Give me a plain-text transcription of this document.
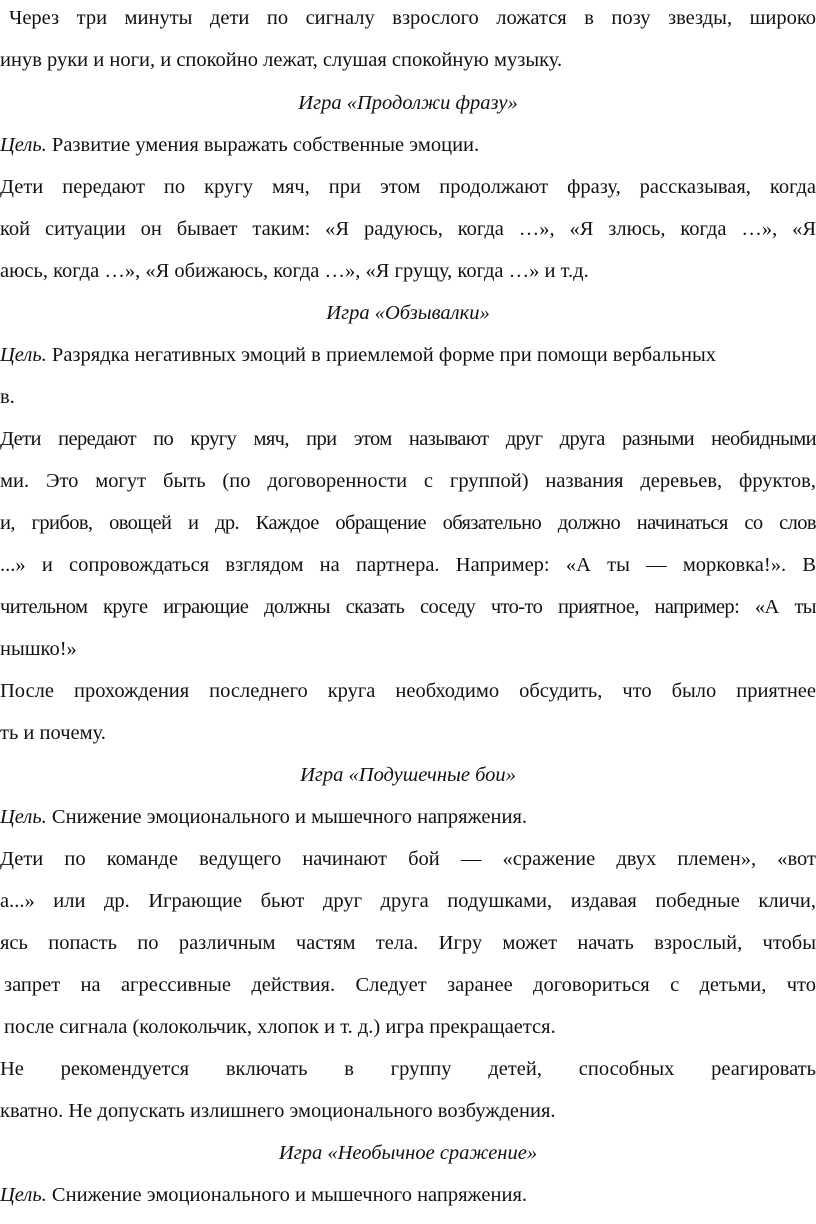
Через три минуты дети по сигналу взрослого ложатся в позу звезды, широко

инув руки и ноги, и спокойно лежат, слушая спокойную музыку.

Игра «Продолжи фразу»

Цель. Развитие умения выражать собственные эмоции.

Дети передают по кругу мяч, при этом продолжают фразу, рассказывая, когда

кой ситуации он бывает таким: «Я радуюсь, когда …», «Я злюсь, когда …», «Я

аюсь, когда …», «Я обижаюсь, когда …», «Я грущу, когда …» и т.д.

Игра «Обзывалки»

Цель. Разрядка негативных эмоций в приемлемой форме при помощи вербальных

в.

Дети передают по кругу мяч, при этом называют друг друга разными необидными

ми. Это могут быть (по договоренности с группой) названия деревьев, фруктов,

и, грибов, овощей и др. Каждое обращение обязательно должно начинаться со слов

...» и сопровождаться взглядом на партнера. Например: «А ты — морковка!». В

чительном круге играющие должны сказать соседу что-то приятное, например: «А ты

нышко!»

После прохождения последнего круга необходимо обсудить, что было приятнее

ть и почему.

Игра «Подушечные бои»

Цель. Снижение эмоционального и мышечного напряжения.

Дети по команде ведущего начинают бой — «сражение двух племен», «вот

а...» или др. Играющие бьют друг друга подушками, издавая победные кличи,

ясь попасть по различным частям тела. Игру может начать взрослый, чтобы

запрет на агрессивные действия. Следует заранее договориться с детьми, что

после сигнала (колокольчик, хлопок и т. д.) игра прекращается.

Не рекомендуется включать в группу детей, способных реагировать

кватно. Не допускать излишнего эмоционального возбуждения.

Игра «Необычное сражение»

Цель. Снижение эмоционального и мышечного напряжения.
